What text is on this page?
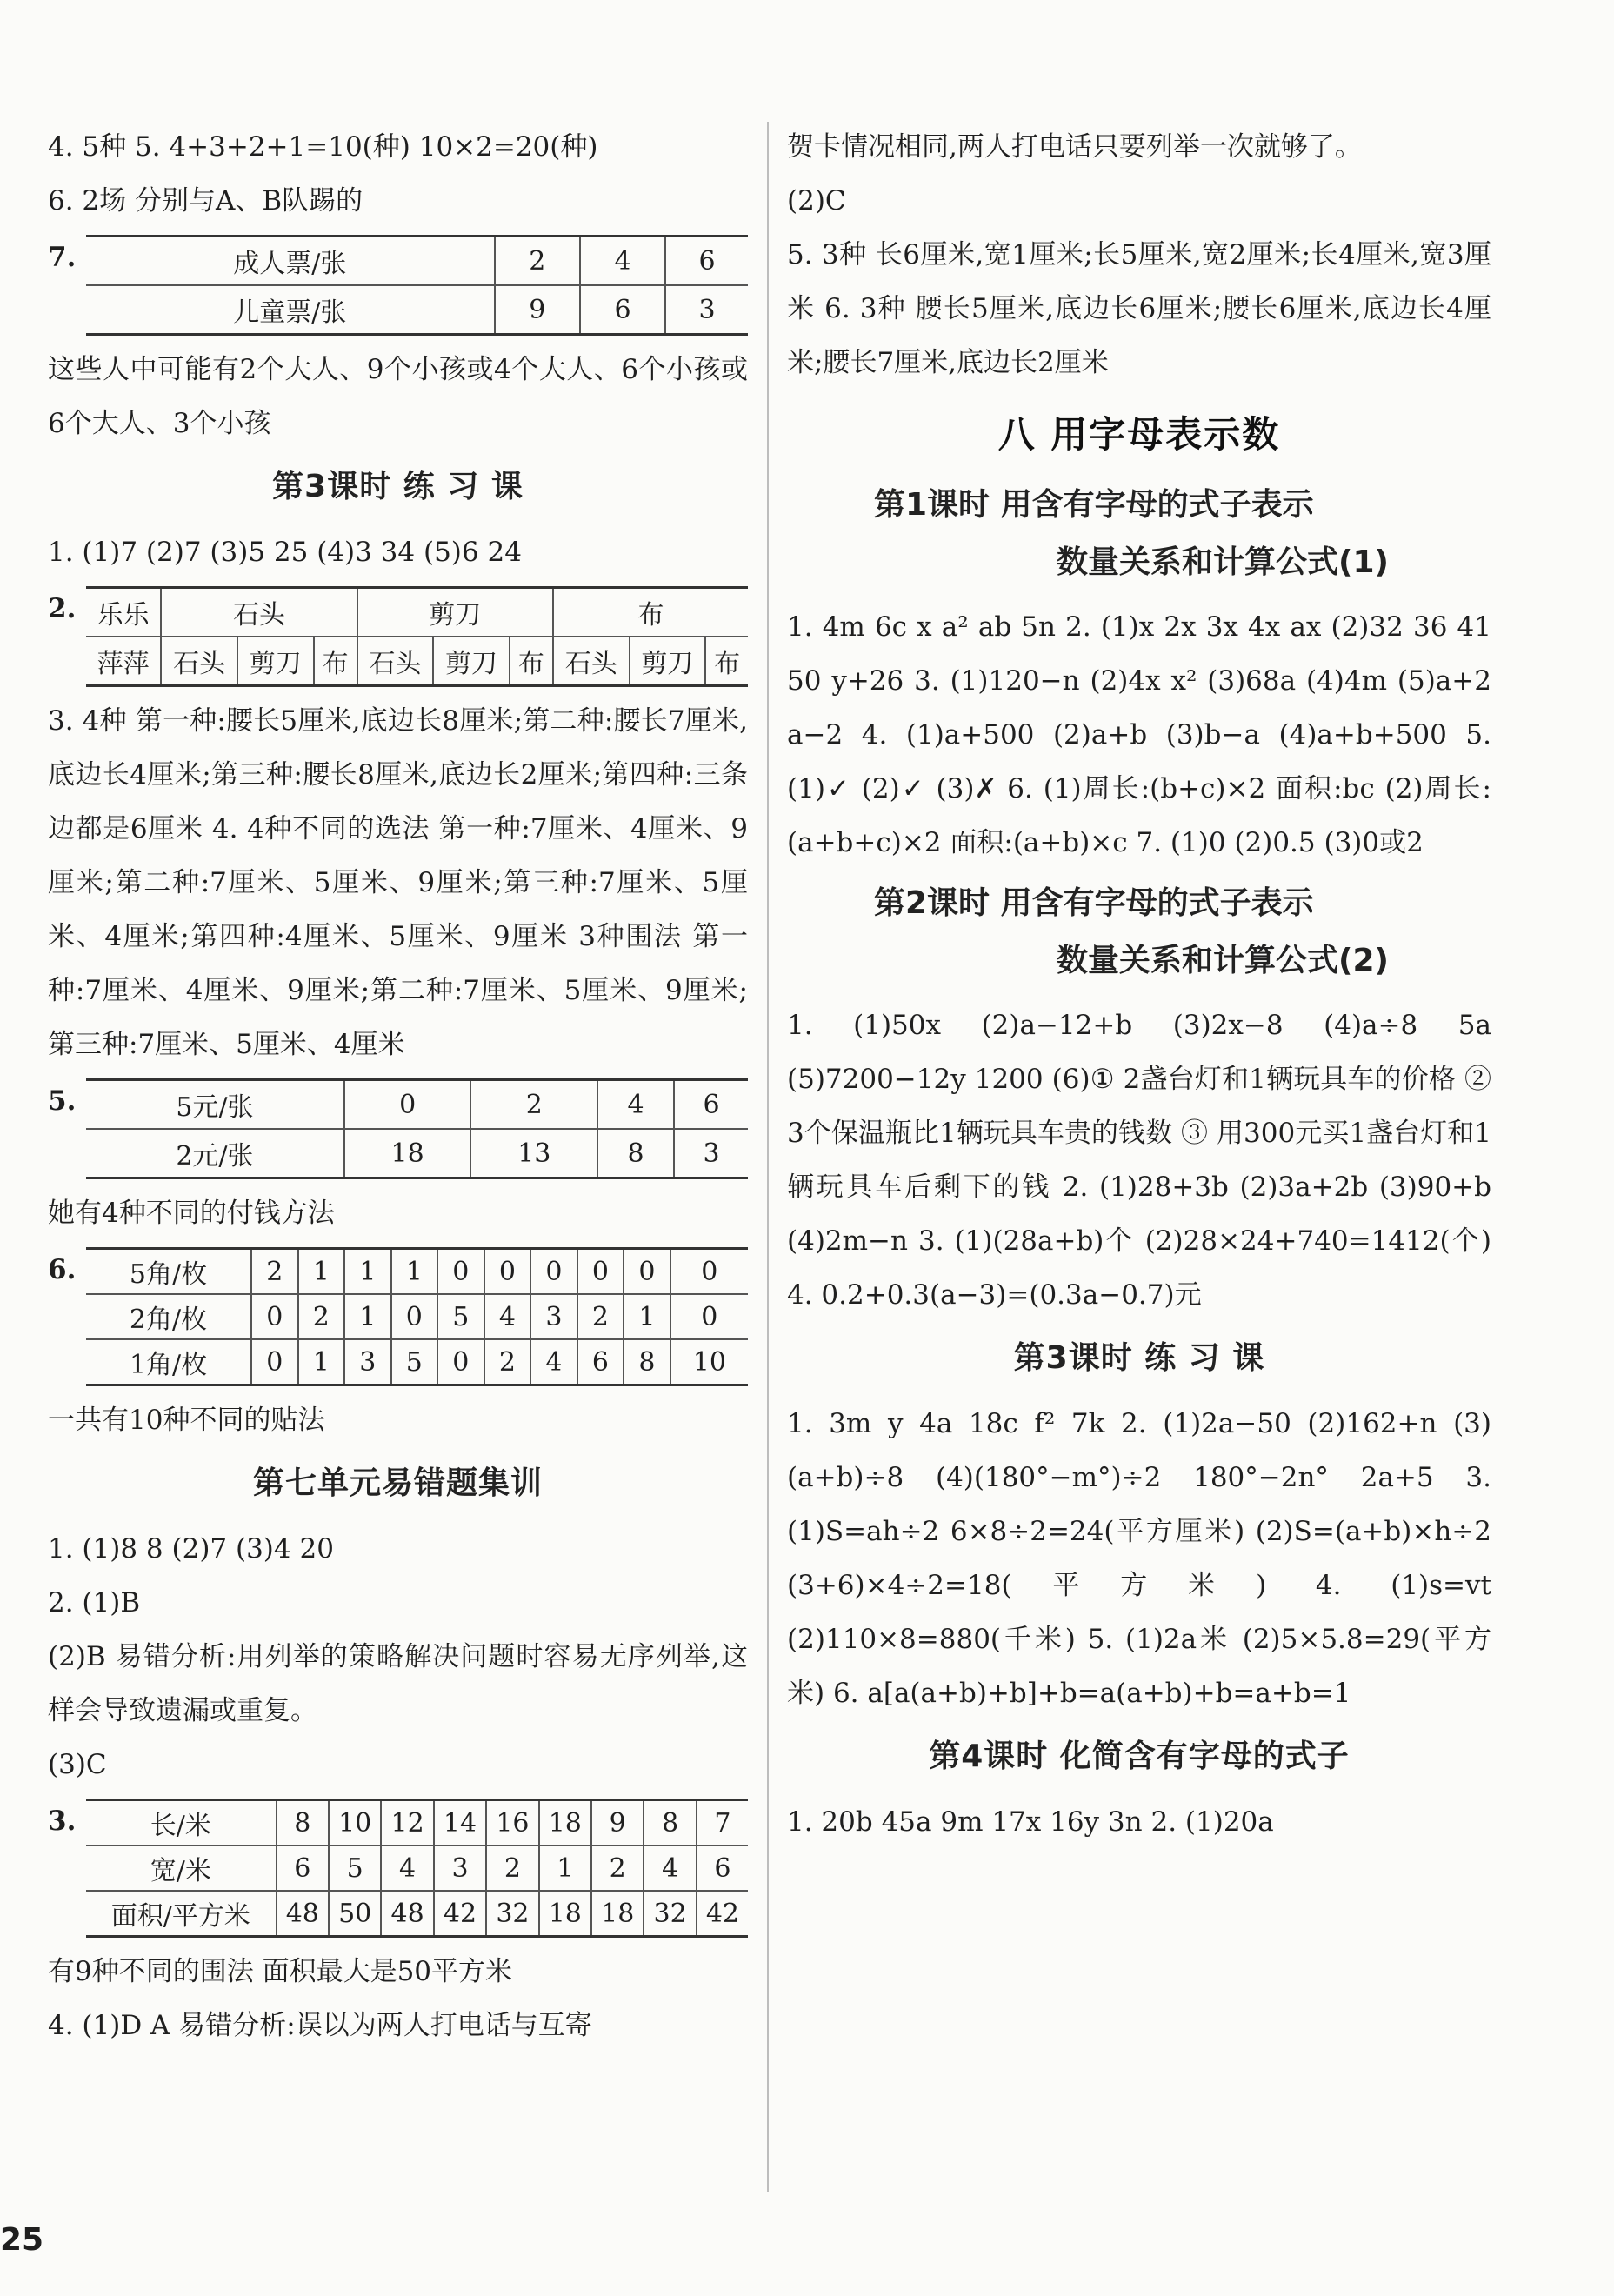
4. 5种 5. 4+3+2+1=10(种) 10×2=20(种)

6. 2场 分别与A、B队踢的

7.	成人票/张	2	4	6
儿童票/张	9	6	3

这些人中可能有2个大人、9个小孩或4个大人、6个小孩或6个大人、3个小孩

第3课时 练 习 课

1. (1)7 (2)7 (3)5 25 (4)3 34 (5)6 24

2. 乐乐	石头			剪刀			布		
萍萍	石头	剪刀	布	石头	剪刀	布	石头	剪刀	布

3. 4种 第一种:腰长5厘米,底边长8厘米;第二种:腰长7厘米,底边长4厘米;第三种:腰长8厘米,底边长2厘米;第四种:三条边都是6厘米 4. 4种不同的选法 第一种:7厘米、4厘米、9厘米;第二种:7厘米、5厘米、9厘米;第三种:7厘米、5厘米、4厘米;第四种:4厘米、5厘米、9厘米 3种围法 第一种:7厘米、4厘米、9厘米;第二种:7厘米、5厘米、9厘米;第三种:7厘米、5厘米、4厘米

5.	5元/张	0	2	4	6
2元/张	18	13	8	3

她有4种不同的付钱方法

6.	5角/枚	2	1	1	1	0	0	0	0	0	0
2角/枚	0	2	1	0	5	4	3	2	1	0
1角/枚	0	1	3	5	0	2	4	6	8	10

一共有10种不同的贴法

第七单元易错题集训

1. (1)8 8 (2)7 (3)4 20

2. (1)B

(2)B 易错分析:用列举的策略解决问题时容易无序列举,这样会导致遗漏或重复。

(3)C

3.	长/米	8	10	12	14	16	18	9	8	7
宽/米	6	5	4	3	2	1	2	4	6
面积/平方米	48	50	48	42	32	18	18	32	42

有9种不同的围法 面积最大是50平方米

4. (1)D A 易错分析:误以为两人打电话与互寄

贺卡情况相同,两人打电话只要列举一次就够了。

(2)C

5. 3种 长6厘米,宽1厘米;长5厘米,宽2厘米;长4厘米,宽3厘米 6. 3种 腰长5厘米,底边长6厘米;腰长6厘米,底边长4厘米;腰长7厘米,底边长2厘米

八 用字母表示数
第1课时 用含有字母的式子表示
数量关系和计算公式(1)

1. 4m 6c x a² ab 5n 2. (1)x 2x 3x 4x ax (2)32 36 41 50 y+26 3. (1)120−n (2)4x x² (3)68a (4)4m (5)a+2 a−2 4. (1)a+500 (2)a+b (3)b−a (4)a+b+500 5. (1)✓ (2)✓ (3)✗ 6. (1)周长:(b+c)×2 面积:bc (2)周长:(a+b+c)×2 面积:(a+b)×c 7. (1)0 (2)0.5 (3)0或2

第2课时 用含有字母的式子表示
数量关系和计算公式(2)

1. (1)50x (2)a−12+b (3)2x−8 (4)a÷8 5a (5)7200−12y 1200 (6)① 2盏台灯和1辆玩具车的价格 ② 3个保温瓶比1辆玩具车贵的钱数 ③ 用300元买1盏台灯和1辆玩具车后剩下的钱 2. (1)28+3b (2)3a+2b (3)90+b (4)2m−n 3. (1)(28a+b)个 (2)28×24+740=1412(个) 4. 0.2+0.3(a−3)=(0.3a−0.7)元

第3课时 练 习 课

1. 3m y 4a 18c f² 7k 2. (1)2a−50 (2)162+n (3)(a+b)÷8 (4)(180°−m°)÷2 180°−2n° 2a+5 3. (1)S=ah÷2 6×8÷2=24(平方厘米) (2)S=(a+b)×h÷2 (3+6)×4÷2=18(平方米) 4. (1)s=vt (2)110×8=880(千米) 5. (1)2a米 (2)5×5.8=29(平方米) 6. a[a(a+b)+b]+b=a(a+b)+b=a+b=1

第4课时 化简含有字母的式子

1. 20b 45a 9m 17x 16y 3n 2. (1)20a

25
